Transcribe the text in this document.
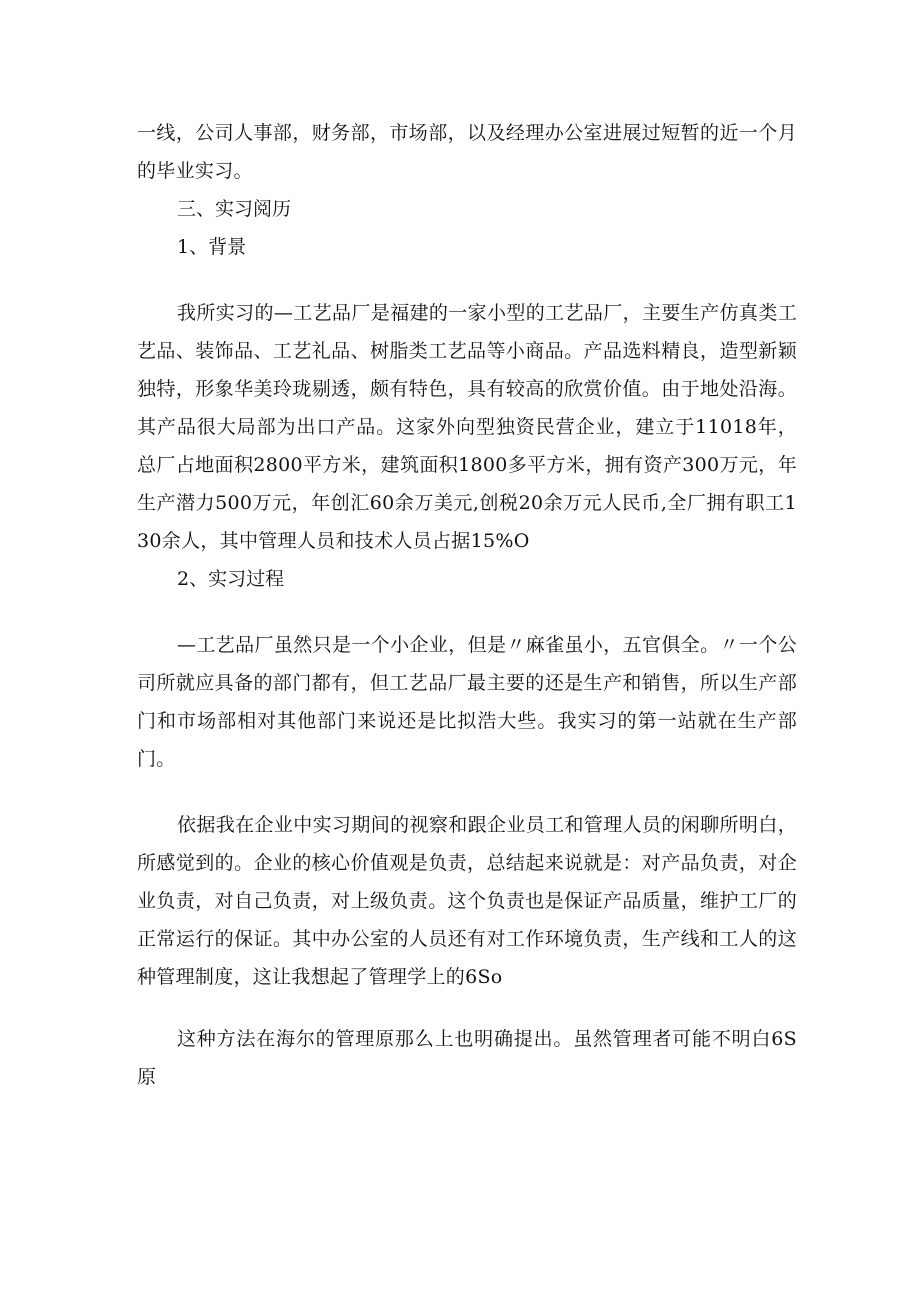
一线，公司人事部，财务部，市场部，以及经理办公室进展过短暂的近一个月的毕业实习。

三、实习阅历

1、背景

我所实习的—工艺品厂是福建的一家小型的工艺品厂，主要生产仿真类工艺品、装饰品、工艺礼品、树脂类工艺品等小商品。产品选料精良，造型新颖独特，形象华美玲珑剔透，颇有特色，具有较高的欣赏价值。由于地处沿海。其产品很大局部为出口产品。这家外向型独资民营企业，建立于11018年，总厂占地面积2800平方米，建筑面积1800多平方米，拥有资产300万元，年生产潜力500万元，年创汇60余万美元,创税20余万元人民币,全厂拥有职工130余人，其中管理人员和技术人员占据15%O

2、实习过程

—工艺品厂虽然只是一个小企业，但是〃麻雀虽小，五官俱全。〃一个公司所就应具备的部门都有，但工艺品厂最主要的还是生产和销售，所以生产部门和市场部相对其他部门来说还是比拟浩大些。我实习的第一站就在生产部门。

依据我在企业中实习期间的视察和跟企业员工和管理人员的闲聊所明白，所感觉到的。企业的核心价值观是负责，总结起来说就是：对产品负责，对企业负责，对自己负责，对上级负责。这个负责也是保证产品质量，维护工厂的正常运行的保证。其中办公室的人员还有对工作环境负责，生产线和工人的这种管理制度，这让我想起了管理学上的6So

这种方法在海尔的管理原那么上也明确提出。虽然管理者可能不明白6S原
